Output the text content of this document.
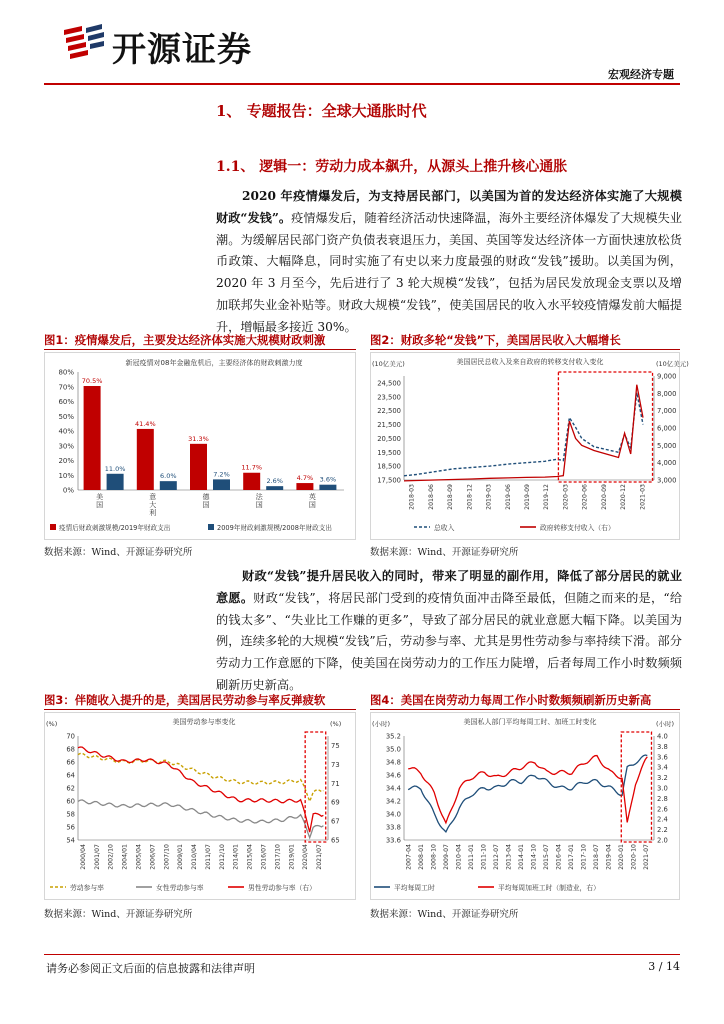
开源证券
宏观经济专题
1、 专题报告：全球大通胀时代
1.1、 逻辑一：劳动力成本飙升，从源头上推升核心通胀
2020 年疫情爆发后，为支持居民部门，以美国为首的发达经济体实施了大规模财政“发钱”。疫情爆发后，随着经济活动快速降温，海外主要经济体爆发了大规模失业潮。为缓解居民部门资产负债表衰退压力，美国、英国等发达经济体一方面快速放松货币政策、大幅降息，同时实施了有史以来力度最强的财政“发钱”援助。以美国为例，2020 年 3 月至今，先后进行了 3 轮大规模“发钱”，包括为居民发放现金支票以及增加联邦失业金补贴等。财政大规模“发钱”，使美国居民的收入水平较疫情爆发前大幅提升，增幅最多接近 30%。
图1：疫情爆发后，主要发达经济体实施大规模财政刺激
新冠疫情对08年金融危机后，主要经济体的财政刺激力度
0%
10%
20%
30%
40%
50%
60%
70%
80%
70.5%
11.0%
美
国
41.4%
6.0%
意
大
利
31.3%
7.2%
德
国
11.7%
2.6%
法
国
4.7% 3.6%
英
国
疫情后财政刺激规模/2019年财政支出	2009年财政刺激规模/2008年财政支出
数据来源：Wind、开源证券研究所
图2：财政多轮“发钱”下，美国居民收入大幅增长
美国居民总收入及来自政府的转移支付收入变化
(10亿美元)	(10亿美元)
17,500
18,500
19,500
20,500
21,500
22,500
23,500
24,500
3,000
4,000
5,000
6,000
7,000
8,000
9,000
2018-03 2018-06 2018-09 2018-12 2019-03 2019-06 2019-09 2019-12 2020-03 2020-06 2020-09 2020-12 2021-03
总收入	政府转移支付收入（右）
数据来源：Wind、开源证券研究所
财政“发钱”提升居民收入的同时，带来了明显的副作用，降低了部分居民的就业意愿。财政“发钱”，将居民部门受到的疫情负面冲击降至最低，但随之而来的是，“给的钱太多”、“失业比工作赚的更多”，导致了部分居民的就业意愿大幅下降。以美国为例，连续多轮的大规模“发钱”后，劳动参与率、尤其是男性劳动参与率持续下滑。部分劳动力工作意愿的下降，使美国在岗劳动力的工作压力陡增，后者每周工作小时数频频刷新历史新高。
图3：伴随收入提升的是，美国居民劳动参与率反弹疲软
美国劳动参与率变化
(%)	(%)
54
56
58
60
62
64
66
68
70
65
67
69
71
73
75
2000/04 2001/07 2002/10 2004/01 2005/04 2006/07 2007/10 2009/01 2010/04 2011/07 2012/10 2014/01 2015/04 2016/07 2017/10 2019/01 2020/04 2021/07
劳动参与率	女性劳动参与率	男性劳动参与率（右）
数据来源：Wind、开源证券研究所
图4：美国在岗劳动力每周工作小时数频频刷新历史新高
美国私人部门平均每周工时、加班工时变化
(小时)	(小时)
33.6
33.8
34.0
34.2
34.4
34.6
34.8
35.0
35.2
2.0
2.2
2.4
2.6
2.8
3.0
3.2
3.4
3.6
3.8
4.0
2007-04 2008-01 2008-10 2009-07 2010-04 2011-01 2011-10 2012-07 2013-04 2014-01 2014-10 2015-07 2016-04 2017-01 2017-10 2018-07 2019-04 2020-01 2020-10 2021-07
平均每周工时	平均每周加班工时（制造业，右）
数据来源：Wind、开源证券研究所
请务必参阅正文后面的信息披露和法律声明	3 / 14
